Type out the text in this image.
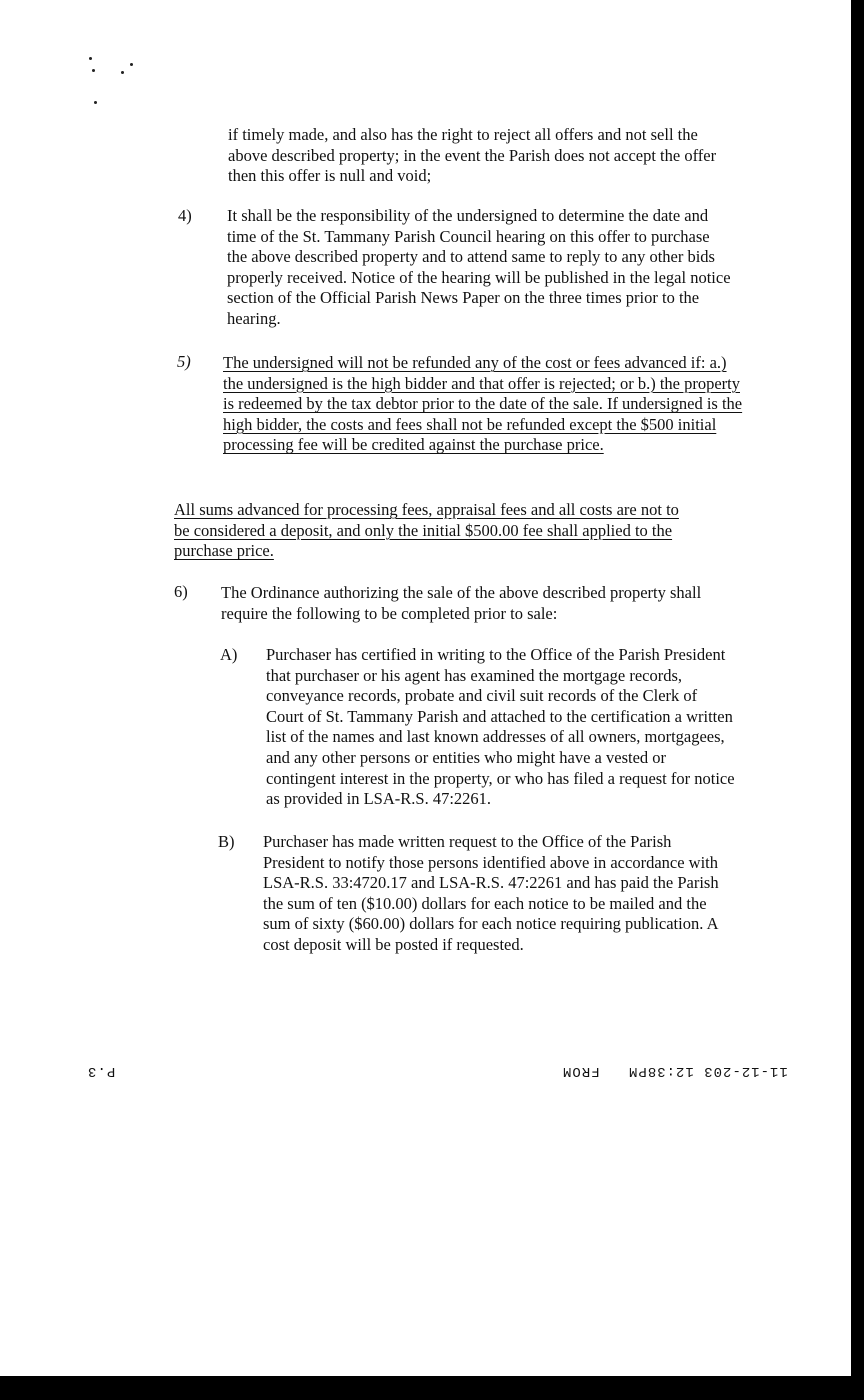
if timely made, and also has the right to reject all offers and not sell the above described property; in the event the Parish does not accept the offer then this offer is null and void;

4) It shall be the responsibility of the undersigned to determine the date and time of the St. Tammany Parish Council hearing on this offer to purchase the above described property and to attend same to reply to any other bids properly received. Notice of the hearing will be published in the legal notice section of the Official Parish News Paper on the three times prior to the hearing.

5) The undersigned will not be refunded any of the cost or fees advanced if: a.) the undersigned is the high bidder and that offer is rejected; or b.) the property is redeemed by the tax debtor prior to the date of the sale. If undersigned is the high bidder, the costs and fees shall not be refunded except the $500 initial processing fee will be credited against the purchase price.

All sums advanced for processing fees, appraisal fees and all costs are not to be considered a deposit, and only the initial $500.00 fee shall applied to the purchase price.

6) The Ordinance authorizing the sale of the above described property shall require the following to be completed prior to sale:

A) Purchaser has certified in writing to the Office of the Parish President that purchaser or his agent has examined the mortgage records, conveyance records, probate and civil suit records of the Clerk of Court of St. Tammany Parish and attached to the certification a written list of the names and last known addresses of all owners, mortgagees, and any other persons or entities who might have a vested or contingent interest in the property, or who has filed a request for notice as provided in LSA-R.S. 47:2261.

B) Purchaser has made written request to the Office of the Parish President to notify those persons identified above in accordance with LSA-R.S. 33:4720.17 and LSA-R.S. 47:2261 and has paid the Parish the sum of ten ($10.00) dollars for each notice to be mailed and the sum of sixty ($60.00) dollars for each notice requiring publication. A cost deposit will be posted if requested.

P.3	FROM 11-12-203 12:38PM
